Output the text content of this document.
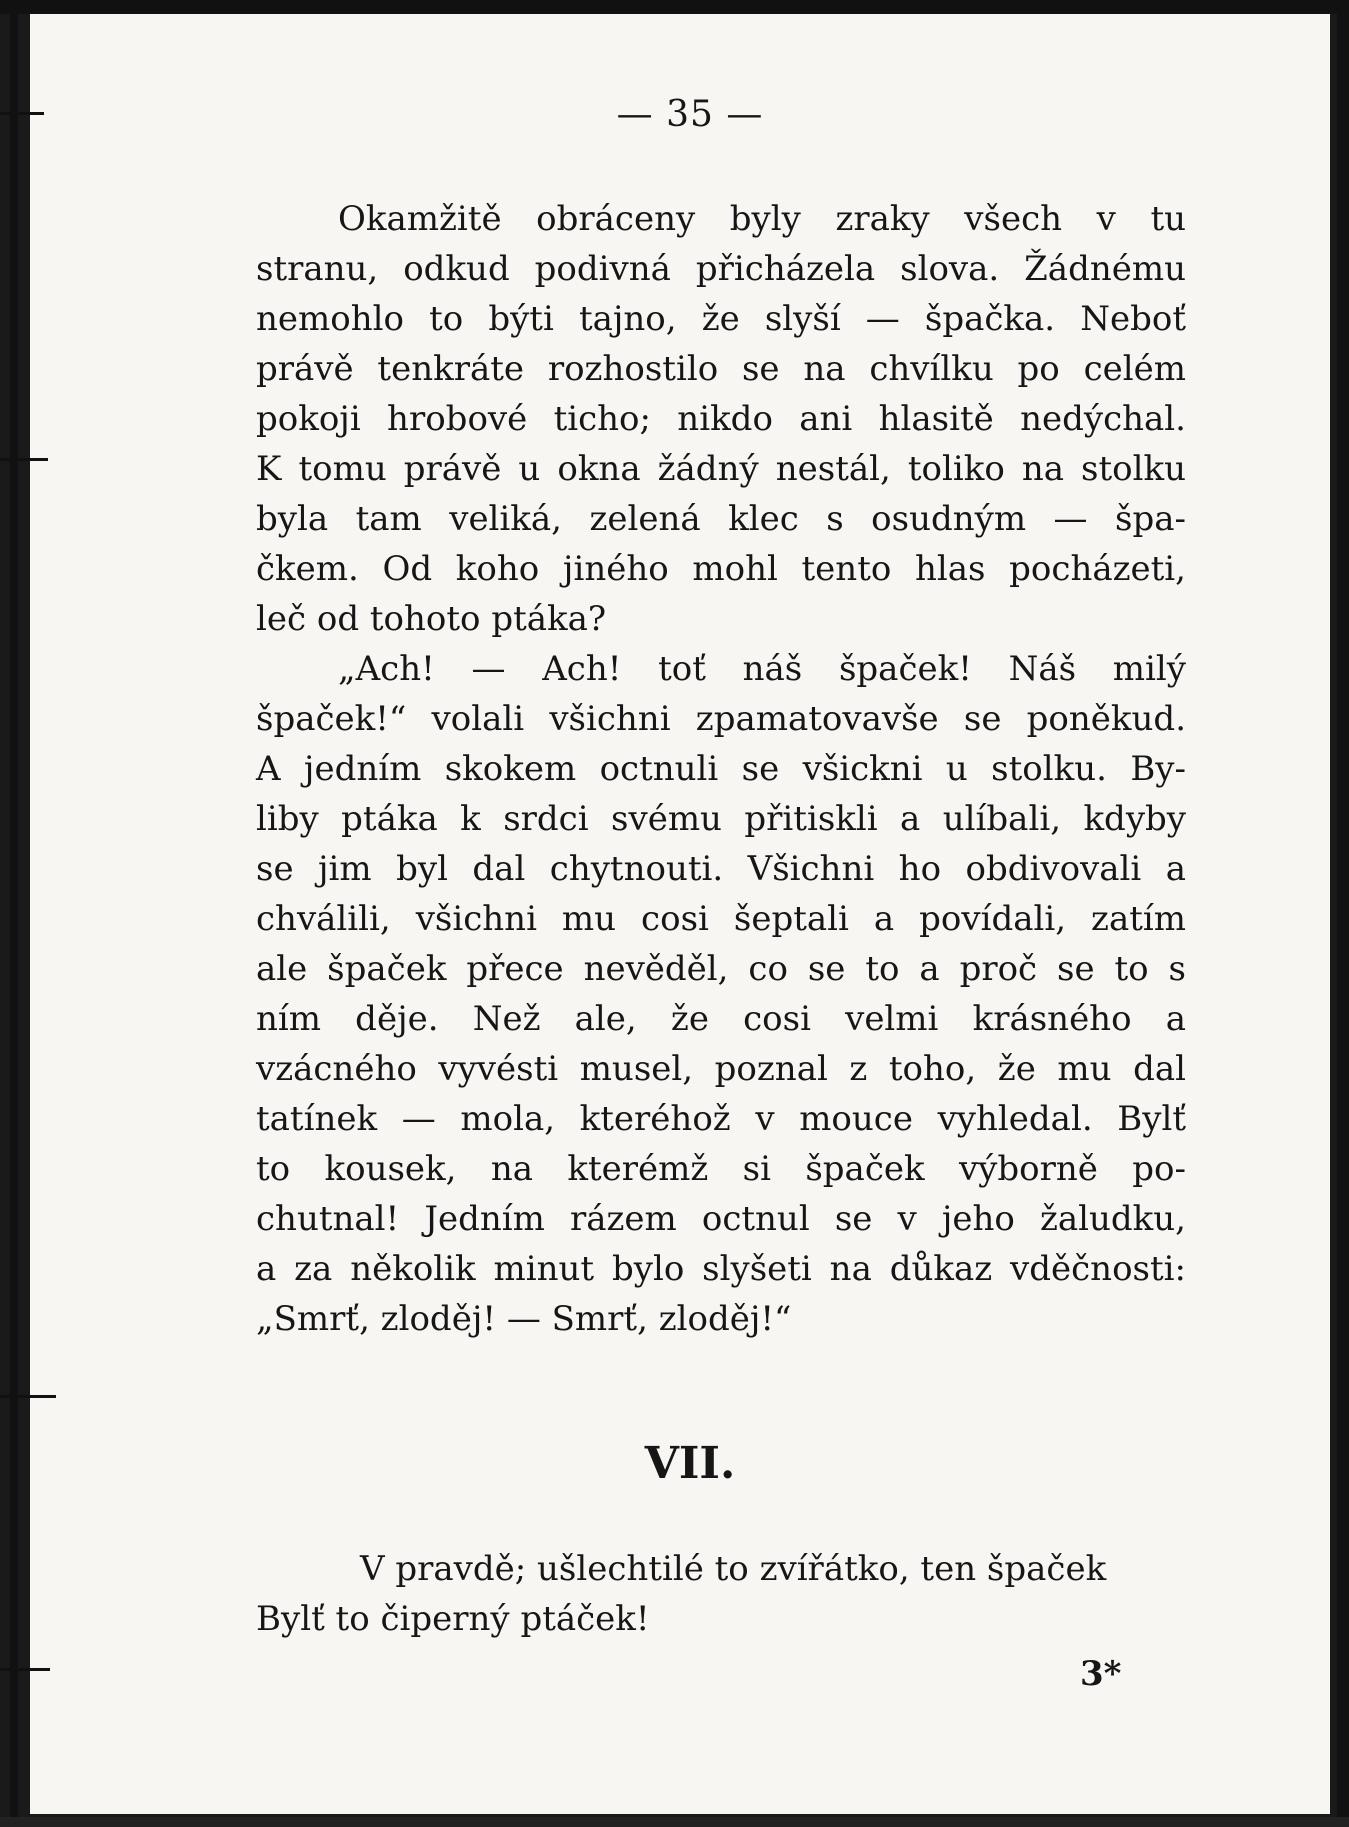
— 35 —
Okamžitě obráceny byly zraky všech v tu
stranu, odkud podivná přicházela slova. Žádnému
nemohlo to býti tajno, že slyší — špačka. Neboť
právě tenkráte rozhostilo se na chvílku po celém
pokoji hrobové ticho; nikdo ani hlasitě nedýchal.
K tomu právě u okna žádný nestál, toliko na stolku
byla tam veliká, zelená klec s osudným — špa-
čkem. Od koho jiného mohl tento hlas pocházeti,
leč od tohoto ptáka?
„Ach! — Ach! toť náš špaček! Náš milý
špaček!“ volali všichni zpamatovavše se poněkud.
A jedním skokem octnuli se všickni u stolku. By-
liby ptáka k srdci svému přitiskli a ulíbali, kdyby
se jim byl dal chytnouti. Všichni ho obdivovali a
chválili, všichni mu cosi šeptali a povídali, zatím
ale špaček přece nevěděl, co se to a proč se to s
ním děje. Než ale, že cosi velmi krásného a
vzácného vyvésti musel, poznal z toho, že mu dal
tatínek — mola, kteréhož v mouce vyhledal. Bylť
to kousek, na kterémž si špaček výborně po-
chutnal! Jedním rázem octnul se v jeho žaludku,
a za několik minut bylo slyšeti na důkaz vděčnosti:
„Smrť, zloděj! — Smrť, zloděj!“
VII.
V pravdě; ušlechtilé to zvířátko, ten špaček
Bylť to čiperný ptáček!
3*
